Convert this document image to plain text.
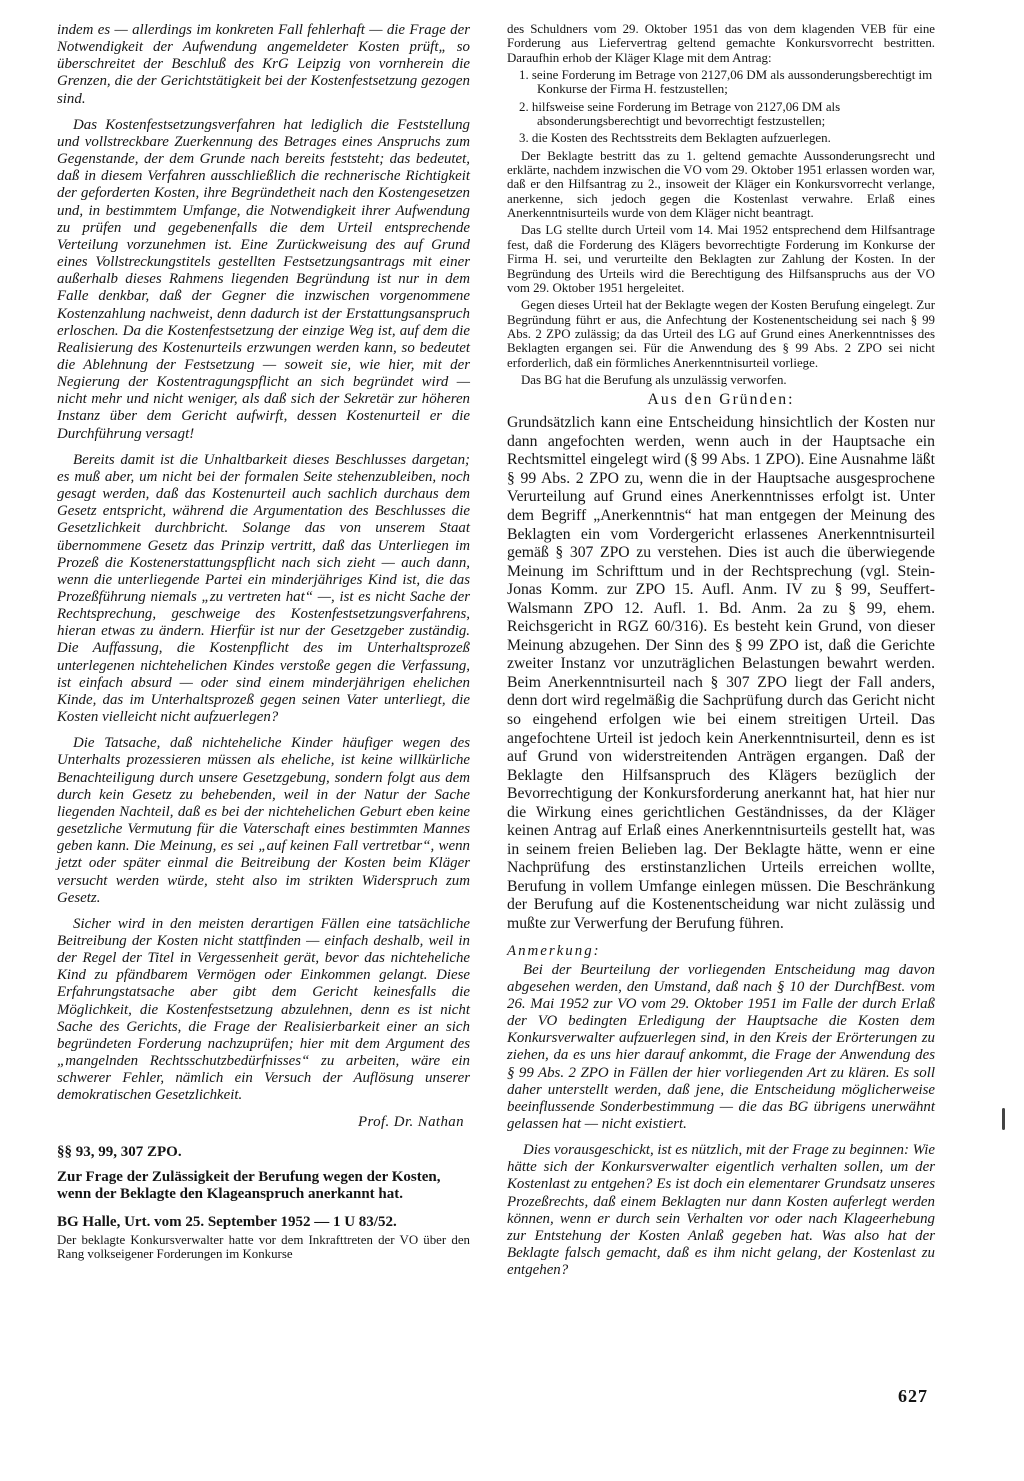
indem es — allerdings im konkreten Fall fehlerhaft — die Frage der Notwendigkeit der Aufwendung angemeldeter Kosten prüft„ so überschreitet der Beschluß des KrG Leipzig von vornherein die Grenzen, die der Gerichtstätigkeit bei der Kostenfestsetzung gezogen sind.

Das Kostenfestsetzungsverfahren hat lediglich die Feststellung und vollstreckbare Zuerkennung des Betrages eines Anspruchs zum Gegenstande, der dem Grunde nach bereits feststeht; das bedeutet, daß in diesem Verfahren ausschließlich die rechnerische Richtigkeit der geforderten Kosten, ihre Begründetheit nach den Kostengesetzen und, in bestimmtem Umfange, die Notwendigkeit ihrer Aufwendung zu prüfen und gegebenenfalls die dem Urteil entsprechende Verteilung vorzunehmen ist. Eine Zurückweisung des auf Grund eines Vollstreckungstitels gestellten Festsetzungsantrags mit einer außerhalb dieses Rahmens liegenden Begründung ist nur in dem Falle denkbar, daß der Gegner die inzwischen vorgenommene Kostenzahlung nachweist, denn dadurch ist der Erstattungsanspruch erloschen. Da die Kostenfestsetzung der einzige Weg ist, auf dem die Realisierung des Kostenurteils erzwungen werden kann, so bedeutet die Ablehnung der Festsetzung — soweit sie, wie hier, mit der Negierung der Kostentragungspflicht an sich begründet wird — nicht mehr und nicht weniger, als daß sich der Sekretär zur höheren Instanz über dem Gericht aufwirft, dessen Kostenurteil er die Durchführung versagt!

Bereits damit ist die Unhaltbarkeit dieses Beschlusses dargetan; es muß aber, um nicht bei der formalen Seite stehenzubleiben, noch gesagt werden, daß das Kostenurteil auch sachlich durchaus dem Gesetz entspricht, während die Argumentation des Beschlusses die Gesetzlichkeit durchbricht. Solange das von unserem Staat übernommene Gesetz das Prinzip vertritt, daß das Unterliegen im Prozeß die Kostenerstattungspflicht nach sich zieht — auch dann, wenn die unterliegende Partei ein minderjähriges Kind ist, die das Prozeßführung niemals „zu vertreten hat“ —, ist es nicht Sache der Rechtsprechung, geschweige des Kostenfestsetzungsverfahrens, hieran etwas zu ändern. Hierfür ist nur der Gesetzgeber zuständig. Die Auffassung, die Kostenpflicht des im Unterhaltsprozeß unterlegenen nichtehelichen Kindes verstoße gegen die Verfassung, ist einfach absurd — oder sind einem minderjährigen ehelichen Kinde, das im Unterhaltsprozeß gegen seinen Vater unterliegt, die Kosten vielleicht nicht aufzuerlegen?

Die Tatsache, daß nichteheliche Kinder häufiger wegen des Unterhalts prozessieren müssen als eheliche, ist keine willkürliche Benachteiligung durch unsere Gesetzgebung, sondern folgt aus dem durch kein Gesetz zu behebenden, weil in der Natur der Sache liegenden Nachteil, daß es bei der nichtehelichen Geburt eben keine gesetzliche Vermutung für die Vaterschaft eines bestimmten Mannes geben kann. Die Meinung, es sei „auf keinen Fall vertretbar“, wenn jetzt oder später einmal die Beitreibung der Kosten beim Kläger versucht werden würde, steht also im strikten Widerspruch zum Gesetz.

Sicher wird in den meisten derartigen Fällen eine tatsächliche Beitreibung der Kosten nicht stattfinden — einfach deshalb, weil in der Regel der Titel in Vergessenheit gerät, bevor das nichteheliche Kind zu pfändbarem Vermögen oder Einkommen gelangt. Diese Erfahrungstatsache aber gibt dem Gericht keinesfalls die Möglichkeit, die Kostenfestsetzung abzulehnen, denn es ist nicht Sache des Gerichts, die Frage der Realisierbarkeit einer an sich begründeten Forderung nachzuprüfen; hier mit dem Argument des „mangelnden Rechtsschutzbedürfnisses“ zu arbeiten, wäre ein schwerer Fehler, nämlich ein Versuch der Auflösung unserer demokratischen Gesetzlichkeit.

Prof. Dr. Nathan

§§ 93, 99, 307 ZPO.

Zur Frage der Zulässigkeit der Berufung wegen der Kosten, wenn der Beklagte den Klageanspruch anerkannt hat.

BG Halle, Urt. vom 25. September 1952 — 1 U 83/52.

Der beklagte Konkursverwalter hatte vor dem Inkrafttreten der VO über den Rang volkseigener Forderungen im Konkurse

des Schuldners vom 29. Oktober 1951 das von dem klagenden VEB für eine Forderung aus Liefervertrag geltend gemachte Konkursvorrecht bestritten. Daraufhin erhob der Kläger Klage mit dem Antrag:

1. seine Forderung im Betrage von 2127,06 DM als aussonderungsberechtigt im Konkurse der Firma H. festzustellen;

2. hilfsweise seine Forderung im Betrage von 2127,06 DM als absonderungsberechtigt und bevorrechtigt festzustellen;

3. die Kosten des Rechtsstreits dem Beklagten aufzuerlegen.

Der Beklagte bestritt das zu 1. geltend gemachte Aussonderungsrecht und erklärte, nachdem inzwischen die VO vom 29. Oktober 1951 erlassen worden war, daß er den Hilfsantrag zu 2., insoweit der Kläger ein Konkursvorrecht verlange, anerkenne, sich jedoch gegen die Kostenlast verwahre. Erlaß eines Anerkenntnisurteils wurde von dem Kläger nicht beantragt.

Das LG stellte durch Urteil vom 14. Mai 1952 entsprechend dem Hilfsantrage fest, daß die Forderung des Klägers bevorrechtigte Forderung im Konkurse der Firma H. sei, und verurteilte den Beklagten zur Zahlung der Kosten. In der Begründung des Urteils wird die Berechtigung des Hilfsanspruchs aus der VO vom 29. Oktober 1951 hergeleitet.

Gegen dieses Urteil hat der Beklagte wegen der Kosten Berufung eingelegt. Zur Begründung führt er aus, die Anfechtung der Kostenentscheidung sei nach § 99 Abs. 2 ZPO zulässig; da das Urteil des LG auf Grund eines Anerkenntnisses des Beklagten ergangen sei. Für die Anwendung des § 99 Abs. 2 ZPO sei nicht erforderlich, daß ein förmliches Anerkenntnisurteil vorliege.

Das BG hat die Berufung als unzulässig verworfen.

Aus den Gründen:

Grundsätzlich kann eine Entscheidung hinsichtlich der Kosten nur dann angefochten werden, wenn auch in der Hauptsache ein Rechtsmittel eingelegt wird (§ 99 Abs. 1 ZPO). Eine Ausnahme läßt § 99 Abs. 2 ZPO zu, wenn die in der Hauptsache ausgesprochene Verurteilung auf Grund eines Anerkenntnisses erfolgt ist. Unter dem Begriff „Anerkenntnis“ hat man entgegen der Meinung des Beklagten ein vom Vordergericht erlassenes Anerkenntnisurteil gemäß § 307 ZPO zu verstehen. Dies ist auch die überwiegende Meinung im Schrifttum und in der Rechtsprechung (vgl. Stein-Jonas Komm. zur ZPO 15. Aufl. Anm. IV zu § 99, Seuffert-Walsmann ZPO 12. Aufl. 1. Bd. Anm. 2a zu § 99, ehem. Reichsgericht in RGZ 60/316). Es besteht kein Grund, von dieser Meinung abzugehen. Der Sinn des § 99 ZPO ist, daß die Gerichte zweiter Instanz vor unzuträglichen Belastungen bewahrt werden. Beim Anerkenntnisurteil nach § 307 ZPO liegt der Fall anders, denn dort wird regelmäßig die Sachprüfung durch das Gericht nicht so eingehend erfolgen wie bei einem streitigen Urteil. Das angefochtene Urteil ist jedoch kein Anerkenntnisurteil, denn es ist auf Grund von widerstreitenden Anträgen ergangen. Daß der Beklagte den Hilfsanspruch des Klägers bezüglich der Bevorrechtigung der Konkursforderung anerkannt hat, hat hier nur die Wirkung eines gerichtlichen Geständnisses, da der Kläger keinen Antrag auf Erlaß eines Anerkenntnisurteils gestellt hat, was in seinem freien Belieben lag. Der Beklagte hätte, wenn er eine Nachprüfung des erstinstanzlichen Urteils erreichen wollte, Berufung in vollem Umfange einlegen müssen. Die Beschränkung der Berufung auf die Kostenentscheidung war nicht zulässig und mußte zur Verwerfung der Berufung führen.

Anmerkung:

Bei der Beurteilung der vorliegenden Entscheidung mag davon abgesehen werden, den Umstand, daß nach § 10 der DurchfBest. vom 26. Mai 1952 zur VO vom 29. Oktober 1951 im Falle der durch Erlaß der VO bedingten Erledigung der Hauptsache die Kosten dem Konkursverwalter aufzuerlegen sind, in den Kreis der Erörterungen zu ziehen, da es uns hier darauf ankommt, die Frage der Anwendung des § 99 Abs. 2 ZPO in Fällen der hier vorliegenden Art zu klären. Es soll daher unterstellt werden, daß jene, die Entscheidung möglicherweise beeinflussende Sonderbestimmung — die das BG übrigens unerwähnt gelassen hat — nicht existiert.

Dies vorausgeschickt, ist es nützlich, mit der Frage zu beginnen: Wie hätte sich der Konkursverwalter eigentlich verhalten sollen, um der Kostenlast zu entgehen? Es ist doch ein elementarer Grundsatz unseres Prozeßrechts, daß einem Beklagten nur dann Kosten auferlegt werden können, wenn er durch sein Verhalten vor oder nach Klageerhebung zur Entstehung der Kosten Anlaß gegeben hat. Was also hat der Beklagte falsch gemacht, daß es ihm nicht gelang, der Kostenlast zu entgehen?

627
